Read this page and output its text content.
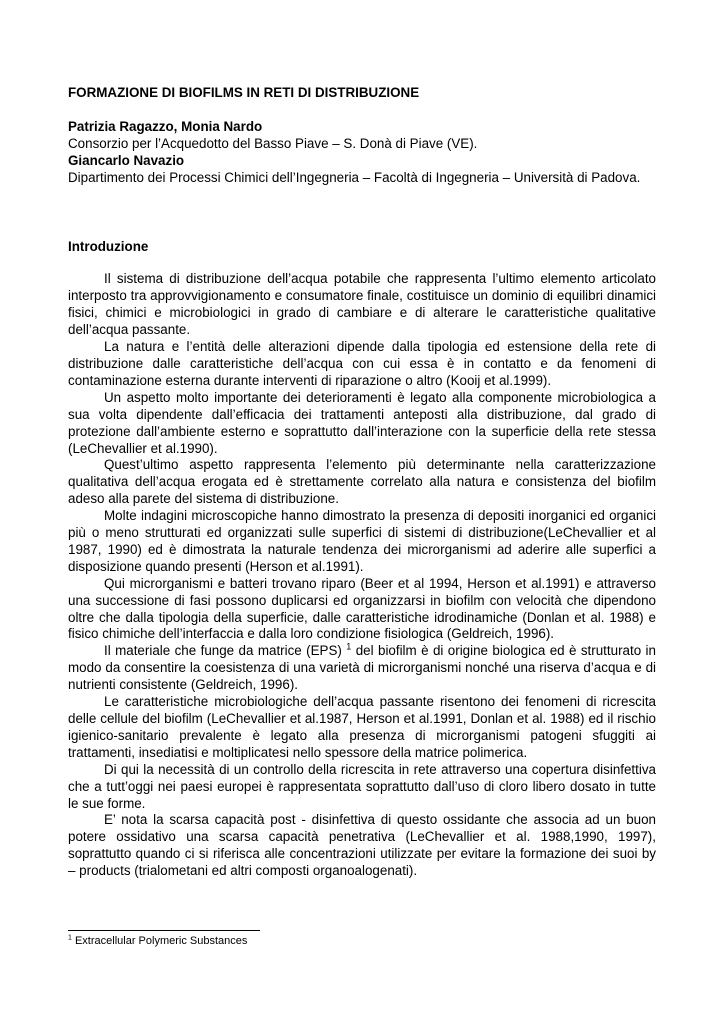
FORMAZIONE DI BIOFILMS IN RETI DI DISTRIBUZIONE

Patrizia Ragazzo, Monia Nardo
Consorzio per l’Acquedotto del Basso Piave – S. Donà di Piave (VE).
Giancarlo Navazio
Dipartimento dei Processi Chimici dell’Ingegneria – Facoltà di Ingegneria – Università di Padova.

Introduzione

Il sistema di distribuzione dell’acqua potabile che rappresenta l’ultimo elemento articolato interposto tra approvvigionamento e consumatore finale, costituisce un dominio di equilibri dinamici fisici, chimici e microbiologici in grado di cambiare e di alterare le caratteristiche qualitative dell’acqua passante.

La natura e l’entità delle alterazioni dipende dalla tipologia ed estensione della rete di distribuzione dalle caratteristiche dell’acqua con cui essa è in contatto e da fenomeni di contaminazione esterna durante interventi di riparazione o altro (Kooij et al.1999).

Un aspetto molto importante dei deterioramenti è legato alla componente microbiologica a sua volta dipendente dall’efficacia dei trattamenti anteposti alla distribuzione, dal grado di protezione dall’ambiente esterno e soprattutto dall’interazione con la superficie della rete stessa (LeChevallier et al.1990).

Quest’ultimo aspetto rappresenta l’elemento più determinante nella caratterizzazione qualitativa dell’acqua erogata ed è strettamente correlato alla natura e consistenza del biofilm adeso alla parete del sistema di distribuzione.

Molte indagini microscopiche hanno dimostrato la presenza di depositi inorganici ed organici più o meno strutturati ed organizzati sulle superfici di sistemi di distribuzione(LeChevallier et al 1987, 1990) ed è dimostrata la naturale tendenza dei microrganismi ad aderire alle superfici a disposizione quando presenti (Herson et al.1991).

Qui microrganismi e batteri trovano riparo (Beer et al 1994, Herson et al.1991) e attraverso una successione di fasi possono duplicarsi ed organizzarsi in biofilm con velocità che dipendono oltre che dalla tipologia della superficie, dalle caratteristiche idrodinamiche (Donlan et al. 1988) e fisico chimiche dell’interfaccia e dalla loro condizione fisiologica (Geldreich, 1996).

Il materiale che funge da matrice (EPS) $^1$ del biofilm è di origine biologica ed è strutturato in modo da consentire la coesistenza di una varietà di microrganismi nonché una riserva d’acqua e di nutrienti consistente (Geldreich, 1996).

Le caratteristiche microbiologiche dell’acqua passante risentono dei fenomeni di ricrescita delle cellule del biofilm (LeChevallier et al.1987, Herson et al.1991, Donlan et al. 1988) ed il rischio igienico-sanitario prevalente è legato alla presenza di microrganismi patogeni sfuggiti ai trattamenti, insediatisi e moltiplicatesi nello spessore della matrice polimerica.

Di qui la necessità di un controllo della ricrescita in rete attraverso una copertura disinfettiva che a tutt’oggi nei paesi europei è rappresentata soprattutto dall’uso di cloro libero dosato in tutte le sue forme.

E’ nota la scarsa capacità post - disinfettiva di questo ossidante che associa ad un buon potere ossidativo una scarsa capacità penetrativa (LeChevallier et al. 1988,1990, 1997), soprattutto quando ci si riferisca alle concentrazioni utilizzate per evitare la formazione dei suoi by – products (trialometani ed altri composti organoalogenati).

$^1$ Extracellular Polymeric Substances
